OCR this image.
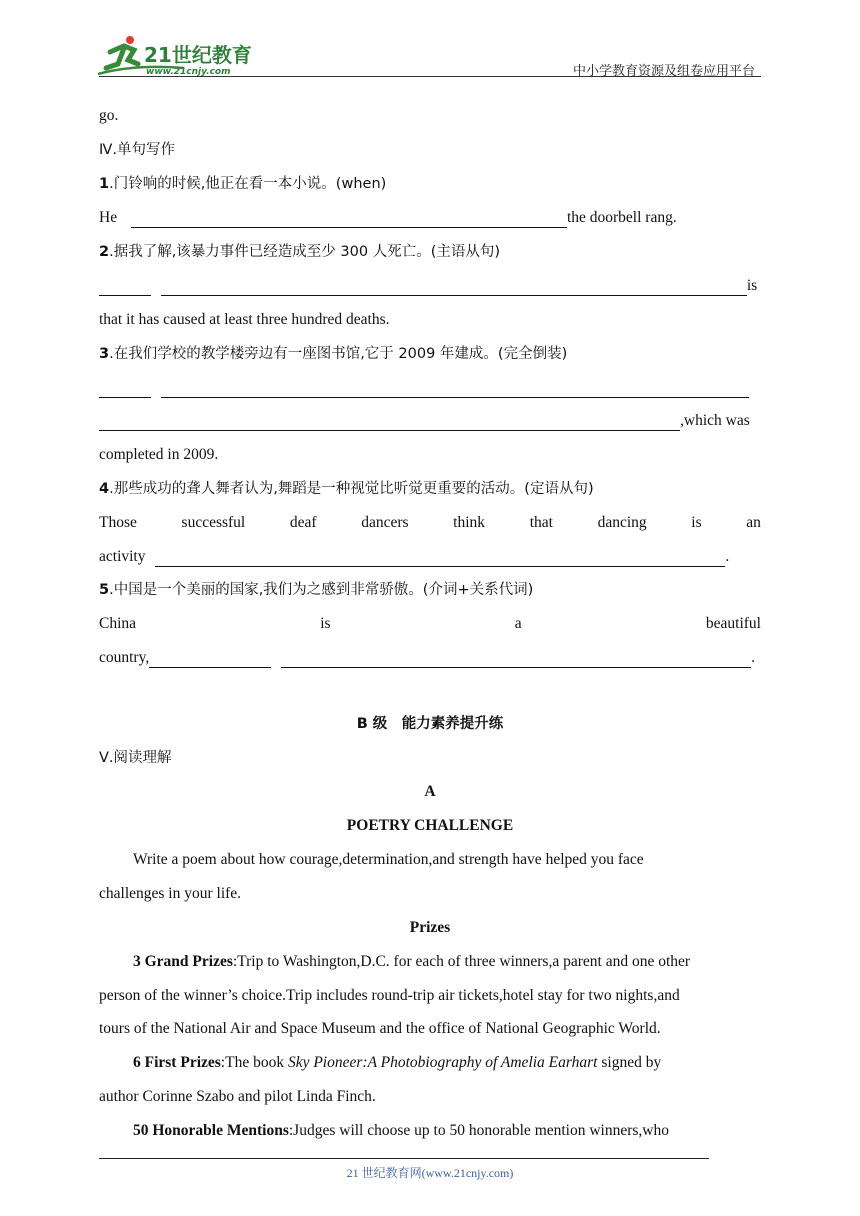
21世纪教育
www.21cnjy.com	中小学教育资源及组卷应用平台
go.
Ⅳ.单句写作
1.门铃响的时候,他正在看一本小说。(when)
He	the doorbell rang.
2.据我了解,该暴力事件已经造成至少 300 人死亡。(主语从句)
is
that it has caused at least three hundred deaths.
3.在我们学校的教学楼旁边有一座图书馆,它于 2009 年建成。(完全倒装)

,which was
completed in 2009.
4.那些成功的聋人舞者认为,舞蹈是一种视觉比听觉更重要的活动。(定语从句)
Those	successful	deaf	dancers	think	that	dancing	is	an
activity	.
5.中国是一个美丽的国家,我们为之感到非常骄傲。(介词+关系代词)
China	is	a	beautiful
country,	.
B 级　能力素养提升练
Ⅴ.阅读理解
A
POETRY CHALLENGE
Write a poem about how courage,determination,and strength have helped you face
challenges in your life.
Prizes
3 Grand Prizes:Trip to Washington,D.C. for each of three winners,a parent and one other
person of the winner’s choice.Trip includes round-trip air tickets,hotel stay for two nights,and
tours of the National Air and Space Museum and the office of National Geographic World.
6 First Prizes:The book Sky Pioneer:A Photobiography of Amelia Earhart signed by
author Corinne Szabo and pilot Linda Finch.
50 Honorable Mentions:Judges will choose up to 50 honorable mention winners,who
21 世纪教育网(www.21cnjy.com)
